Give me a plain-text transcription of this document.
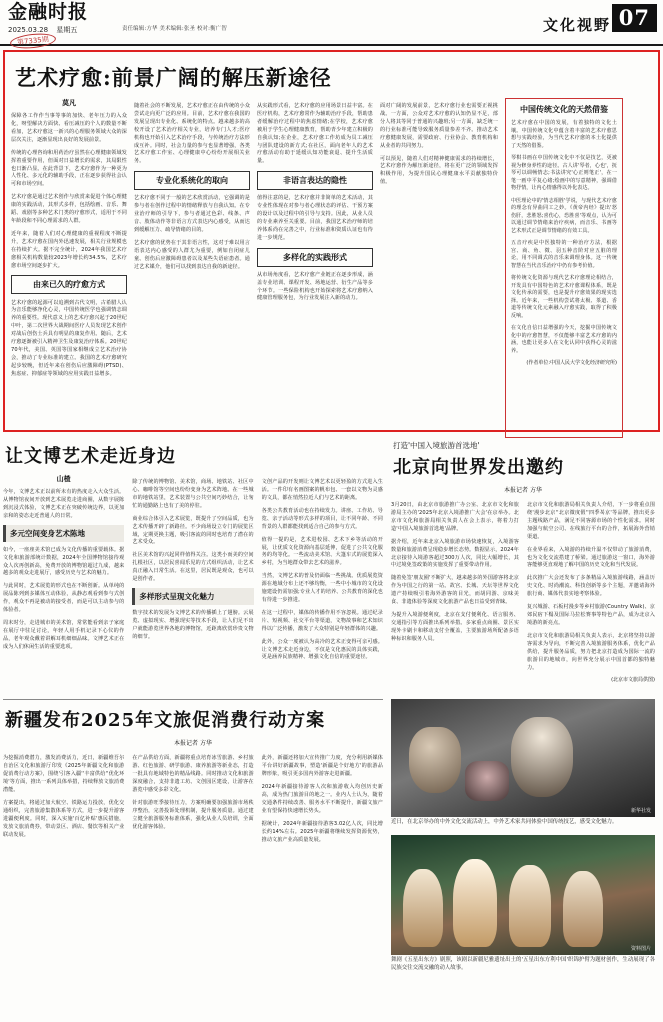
金融时报
2025.03.28 星期五	责任编辑:方华 美术编辑:张圣 校对:衡广智
第7335期
文化视野 07
艺术疗愈:前景广阔的解压新途径
莫凡

保障各工作作当事等事的加快、老年压力的入众化，呀望解决方面快、看压减压的个人的数量不断看加，艺术疗愈这一新兴的心理服务领域大众的深层次关注，逐渐显现出良好的发展前景。

传统的心理咨询和用药治疗虽然在心理健康领域发挥着重要作用，但面对日益增长的需求，其局限性也日渐凸显。在此背景下，艺术疗愈作为一种更为人性化、多元化的辅助手段，正在逐步获得社会认可和市场空间。

艺术疗愈是通过艺术创作与欣赏来促进个体心理健康的实践活动，其形式多样，包括绘画、音乐、舞蹈、戏剧等多种艺术门类的疗愈形式，适用于不同年龄段和不同心理需求的人群。

近年来，随着人们对心理健康的重视程度不断提升，艺术疗愈在国内外迅速发展，相关行业规模也在持续扩大。据不完全统计，2024年我国艺术疗愈相关机构数量较2023年增长约34.5%，艺术疗愈市场空间逐步扩大。

由来已久的疗愈方式

艺术疗愈的起源可以追溯到古代文明，古希腊人认为音乐能够净化心灵，中国传统医学也强调情志调养的重要性。现代意义上的艺术疗愈兴起于20世纪中叶，第二次世界大战期间医疗人员发现艺术创作对战后创伤士兵具有明显的康复作用。随后，艺术疗愈逐渐被引入精神卫生及康复治疗体系。20世纪70年代，美国、英国等国家相继成立艺术治疗协会，推动了专业标准的建立。我国的艺术疗愈研究起步较晚，但近年来在创伤后应激障碍(PTSD)、焦虑症、抑郁症等领域的应用实践日益增多。

随着社会的不断发展，艺术疗愈正在由传统的小众尝试走向更广泛的应用。目前，艺术疗愈在我国的发展呈现出专业化、系统化的特点。越来越多的高校开设了艺术治疗相关专业，培养专门人才;医疗机构也开始引入艺术治疗手段，与传统治疗方法形成互补。同时，社会力量的参与也显著增强，各类艺术疗愈工作室、心理健康中心纷纷开展相关业务。

专业化系统化的取向

艺术疗愈不同于一般的艺术欣赏活动，它强调的是参与者在创作过程中的情绪释放与自我认知。在专业治疗师的引导下，参与者通过色彩、线条、声音、肢体动作等非语言方式表达内心感受，从而达到缓解压力、疏导情绪的目的。

艺术疗愈的优势在于其非语言性，这对于难以用言语表达内心感受的人群尤为重要，例如自闭症儿童、创伤后应激障碍患者以及某些失语症患者。通过艺术媒介，他们可以找到表达自我的新途径。

从实践形式看，艺术疗愈的应用场景日益丰富。在医疗机构，艺术疗愈常作为辅助治疗手段，帮助患者缓解治疗过程中的焦虑情绪;在学校，艺术疗愈被用于学生心理健康教育，帮助青少年建立积极的自我认知;在企业，艺术疗愈工作坊成为员工减压与团队建设的新方式;在社区，面向老年人的艺术疗愈活动有助于延缓认知功能衰退、提升生活质量。

非语言表达的隐性

值得注意的是，艺术疗愈并非简单的艺术活动，其专业性体现在对参与者心理状态的评估、干预方案的设计以及过程中的引导与支持。因此，从业人员的专业素养至关重要。目前，我国艺术治疗师的培养体系尚在完善之中，行业标准和资质认证也有待进一步规范。

多样化的实践形式

从市场角度看，艺术疗愈产业链正在逐步形成，涵盖专业培训、课程开发、场地运营、衍生产品等多个环节。一些保险机构也开始探索将艺术疗愈纳入健康管理服务包，为行业发展注入新的动力。

面对广阔的发展前景，艺术疗愈行业也需要正视挑战。一方面，公众对艺术疗愈的认知仍显不足，部分人将其等同于普通的兴趣班;另一方面，缺乏统一的行业标准可能导致服务质量参差不齐。推动艺术疗愈健康发展，需要政府、行业协会、教育机构和从业者的共同努力。

可以预见，随着人们对精神健康需求的持续增长，艺术疗愈作为解压新途径，将在更广泛的领域发挥积极作用，为提升国民心理健康水平贡献独特价值。

中国传统文化的天然借鉴

艺术疗愈在中国的发展，有着独特的文化土壤。中国传统文化中蕴含着丰富的艺术疗愈思想与实践经验，为当代艺术疗愈的本土化提供了天然的借鉴。

琴棋书画在中国传统文化中不仅是技艺，更被视为修身养性的途径。古人讲'琴者，心也'，抚琴可以调畅情志;书法讲究'心正则笔正'，在一笔一画中平复心绪;绘画中的写意精神，强调借物抒情，让内心情感得以外化表达。

中医理论中的'情志相胜'学说，与现代艺术疗愈的理念有异曲同工之妙。《黄帝内经》提出'怒伤肝，悲胜怒;喜伤心，恐胜喜'等观点，认为可以通过调节情绪来治疗疾病，而音乐、书画等艺术形式正是调节情绪的有效工具。

五音疗疾是中医独特的一种治疗方法，根据宫、商、角、徵、羽五种音阶对应五脏的理论，用不同调式的音乐来调理身体。这一传统智慧在当代音乐治疗中仍有参考价值。

将传统文化资源与现代艺术疗愈理论相结合，开发具有中国特色的艺术疗愈课程体系，既是文化传承的需要，也是提升疗愈效果的现实选择。近年来，一些机构尝试将太极、茶道、香道等传统文化元素融入疗愈实践，取得了积极反响。

在文化自信日益增强的今天，挖掘中国传统文化中的疗愈智慧，不仅能够丰富艺术疗愈的内涵，也能让更多人在文化认同中获得心灵的滋养。

(作者单位:中国人民大学文化经济研究所)
让文博艺术走近身边
山楂

今年，文博艺术正以前所未有的热度走入大众生活。从博物馆夜间开放到艺术展览走进商圈，从数字展陈到沉浸式体验，文博艺术正在突破传统边界，以更加亲和的姿态走近普通人的日常。

多元空间变身艺术陈地

如今，一座座美术馆已成为文化传播的重要载体。据文化和旅游部统计数据，2024年全国博物馆接待观众人次再创新高，免费开放的博物馆超过九成，越来越多的观众走进展厅，感受历史与艺术的魅力。

与此同时，艺术展览的形式也在不断创新。从单纯的展品陈列到多媒体互动体验，从静态观看到参与式创作，观众不再是被动的接受者，而是可以主动参与的体验者。

周末时分，走进城市的美术馆，常常能看到亲子家庭在展厅中驻足讨论，年轻人用手机记录下心仪的作品，老年观众戴着讲解耳机细细品味。文博艺术正在成为人们休闲生活的重要选项。

除了传统的博物馆、美术馆，商场、地铁站、社区中心、咖啡馆等空间也纷纷变身为艺术阵地。在一些城市的地铁站里，艺术装置与公共空间巧妙结合，让匆忙的通勤路上也有了美的停驻。

商业综合体引入艺术展览，既提升了空间品质，也为艺术传播开辟了新路径。不少商场设立专门的展览区域，定期更换主题，吸引客流的同时也培育了潜在的艺术受众。

社区美术馆的兴起同样值得关注。这类小而美的空间扎根社区，以居民喜闻乐见的方式组织活动，让艺术真正融入日常生活。在这里，居民既是观众，也可以是创作者。

多样形式呈现文化魅力

数字技术的发展为文博艺术的传播插上了翅膀。云展览、虚拟现实、增强现实等技术手段，让人们足不出户就能游览世界各地的博物馆，近距离欣赏珍贵文物的细节。

文创产品的开发则让文博艺术以更轻盈的方式进入生活。一件印有名画图案的帆布包、一套以文物为灵感的文具，都在悄然拉近人们与艺术的距离。

各类公共教育活动也在持续发力。讲座、工作坊、导览、亲子活动等形式多样的项目，让不同年龄、不同背景的人群都能找到适合自己的参与方式。

值得一提的是，艺术进校园、艺术下乡等活动的开展，让优质文化资源向基层延伸，促进了公共文化服务的均等化。一些流动美术馆、大篷车式的展览深入乡村，为当地群众带去艺术的滋养。

当然，文博艺术的普及仍面临一些挑战。优质展览资源在地域分布上还不够均衡，一些中小城市的文化设施建设仍需加强;专业人才的培养、公共教育的深化也有待进一步推进。

在这一过程中，媒体的传播作用不容忽视。通过纪录片、短视频、社交平台等渠道，文物故事和艺术知识得以广泛传播，激发了大众特别是年轻群体的兴趣。

此外，公众一度被认为高冷的艺术正变得可亲可感。让文博艺术走近身边，不仅是文化惠民的具体实践，更是涵养民族精神、增强文化自信的重要途径。

打造'中国入境旅游首选地'
北京向世界发出邀约
本报记者 方华

3月20日，由北京市旅游推广办公室、北京市文化和旅游局主办的'2025年北京入境游推广大会'在京举办。北京市文化和旅游局相关负责人在会上表示，将着力打造'中国入境旅游首选地'品牌。

据介绍，近年来北京入境旅游市场快速恢复，入境游客数量和旅游消费呈现稳步增长态势。数据显示，2024年北京接待入境游客超过300万人次，同比大幅增长，其中过境免签政策的实施发挥了重要带动作用。

随着免签'朋友圈'不断扩大，越来越多的外国游客将北京作为中国之行的第一站。故宫、长城、天坛等世界文化遗产持续吸引着海外游客的目光，而胡同游、京味美食、非遗体验等深度文化旅游产品也日益受到青睐。

为提升入境游便利度，北京在支付便利化、语言服务、交通指引等方面推出系列举措。多家重点商圈、景区实现外卡刷卡和移动支付全覆盖，主要旅游场所配备多语种标识和服务人员。

北京市文化和旅游局相关负责人介绍，下一步将重点围绕'漫步北京''北京微度假''四季북京'等品牌，推出更多主题线路产品，满足不同客源市场的个性化需求。同时加强与航空公司、在线旅行平台的合作，拓展海外营销渠道。

在业界看来，入境游的持续升温不仅带动了旅游消费，也为文化交流搭建了桥梁。通过旅游这一窗口，海外游客能够更直观地了解中国的历史文化和当代发展。

此次推广大会还发布了多条精品入境旅游线路，涵盖历史文化、时尚潮流、科技创新等多个主题，并邀请海外旅行商、媒体代表实地考察体验。

复兴城游、石板村漫步等乡村旅游(Country Walk)、京郊民宿下榻及国际马拉松赛事等特色产品，成为北京入境游的新亮点。

北京市文化和旅游局相关负责人表示，北京将坚持以游客需求为导向，不断完善入境旅游服务体系，优化产品供给，提升服务品质，努力把北京打造成为国际一流的旅游目的地城市，向世界充分展示中国首都的独特魅力。

(北京市文旅局供图)
新疆发布2025年文旅促消费行动方案
本报记者 方华

为挖掘消费潜力，激发消费活力，近日，新疆维吾尔自治区文化和旅游厅印发《2025年新疆文化和旅游促消费行动方案》，围绕'引客入疆''丰富供给''优化环境'等方面，推出一系列具体举措，持续释放文旅消费潜能。

方案提出，将通过加大航空、铁路运力投放，优化交通组织，完善旅游集散体系等方式，进一步提升游客进疆便利度。同时，深入实施'百亿补贴'惠民措施，发放文旅消费券，带动景区、酒店、餐饮等相关产业联动发展。

在产品供给方面，新疆将重点培育冰雪旅游、乡村旅游、红色旅游、研学旅游、康养旅游等新业态，打造一批具有地域特色的精品线路。同时推动文化和旅游深度融合，支持非遗工坊、文创园区建设，让游客在游览中感受多彩文化。

针对旅游旺季接待压力，方案明确要加强旅游市场秩序整治，完善投诉处理机制，提升服务质量。通过建立健全旅游服务标准体系，强化从业人员培训，全面优化游客体验。

此外，新疆还将加大宣传推广力度，充分利用新媒体平台讲好新疆故事，塑造'新疆是个好地方'的旅游品牌形象，吸引更多国内外游客走进新疆。

2024年新疆接待游客人次和旅游收入均创历史新高，成为热门旅游目的地之一。业内人士认为，随着交通条件持续改善、服务水平不断提升，新疆文旅产业有望保持快速增长势头。

据统计，2024年新疆接待游客3.02亿人次，同比增长约14%左右。2025年新疆将继续发挥资源优势，推动文旅产业高质量发展。

新华社发
近日，在北京举办的中外文化交流活动上，中外艺术家共同体验中国传统技艺，感受文化魅力。
资料图片
舞剧《五星出东方》剧照，该剧以新疆尼雅遗址出土的'五星出东方利中国'织锦护臂为题材创作，生动展现了各民族交往交流交融的动人故事。
